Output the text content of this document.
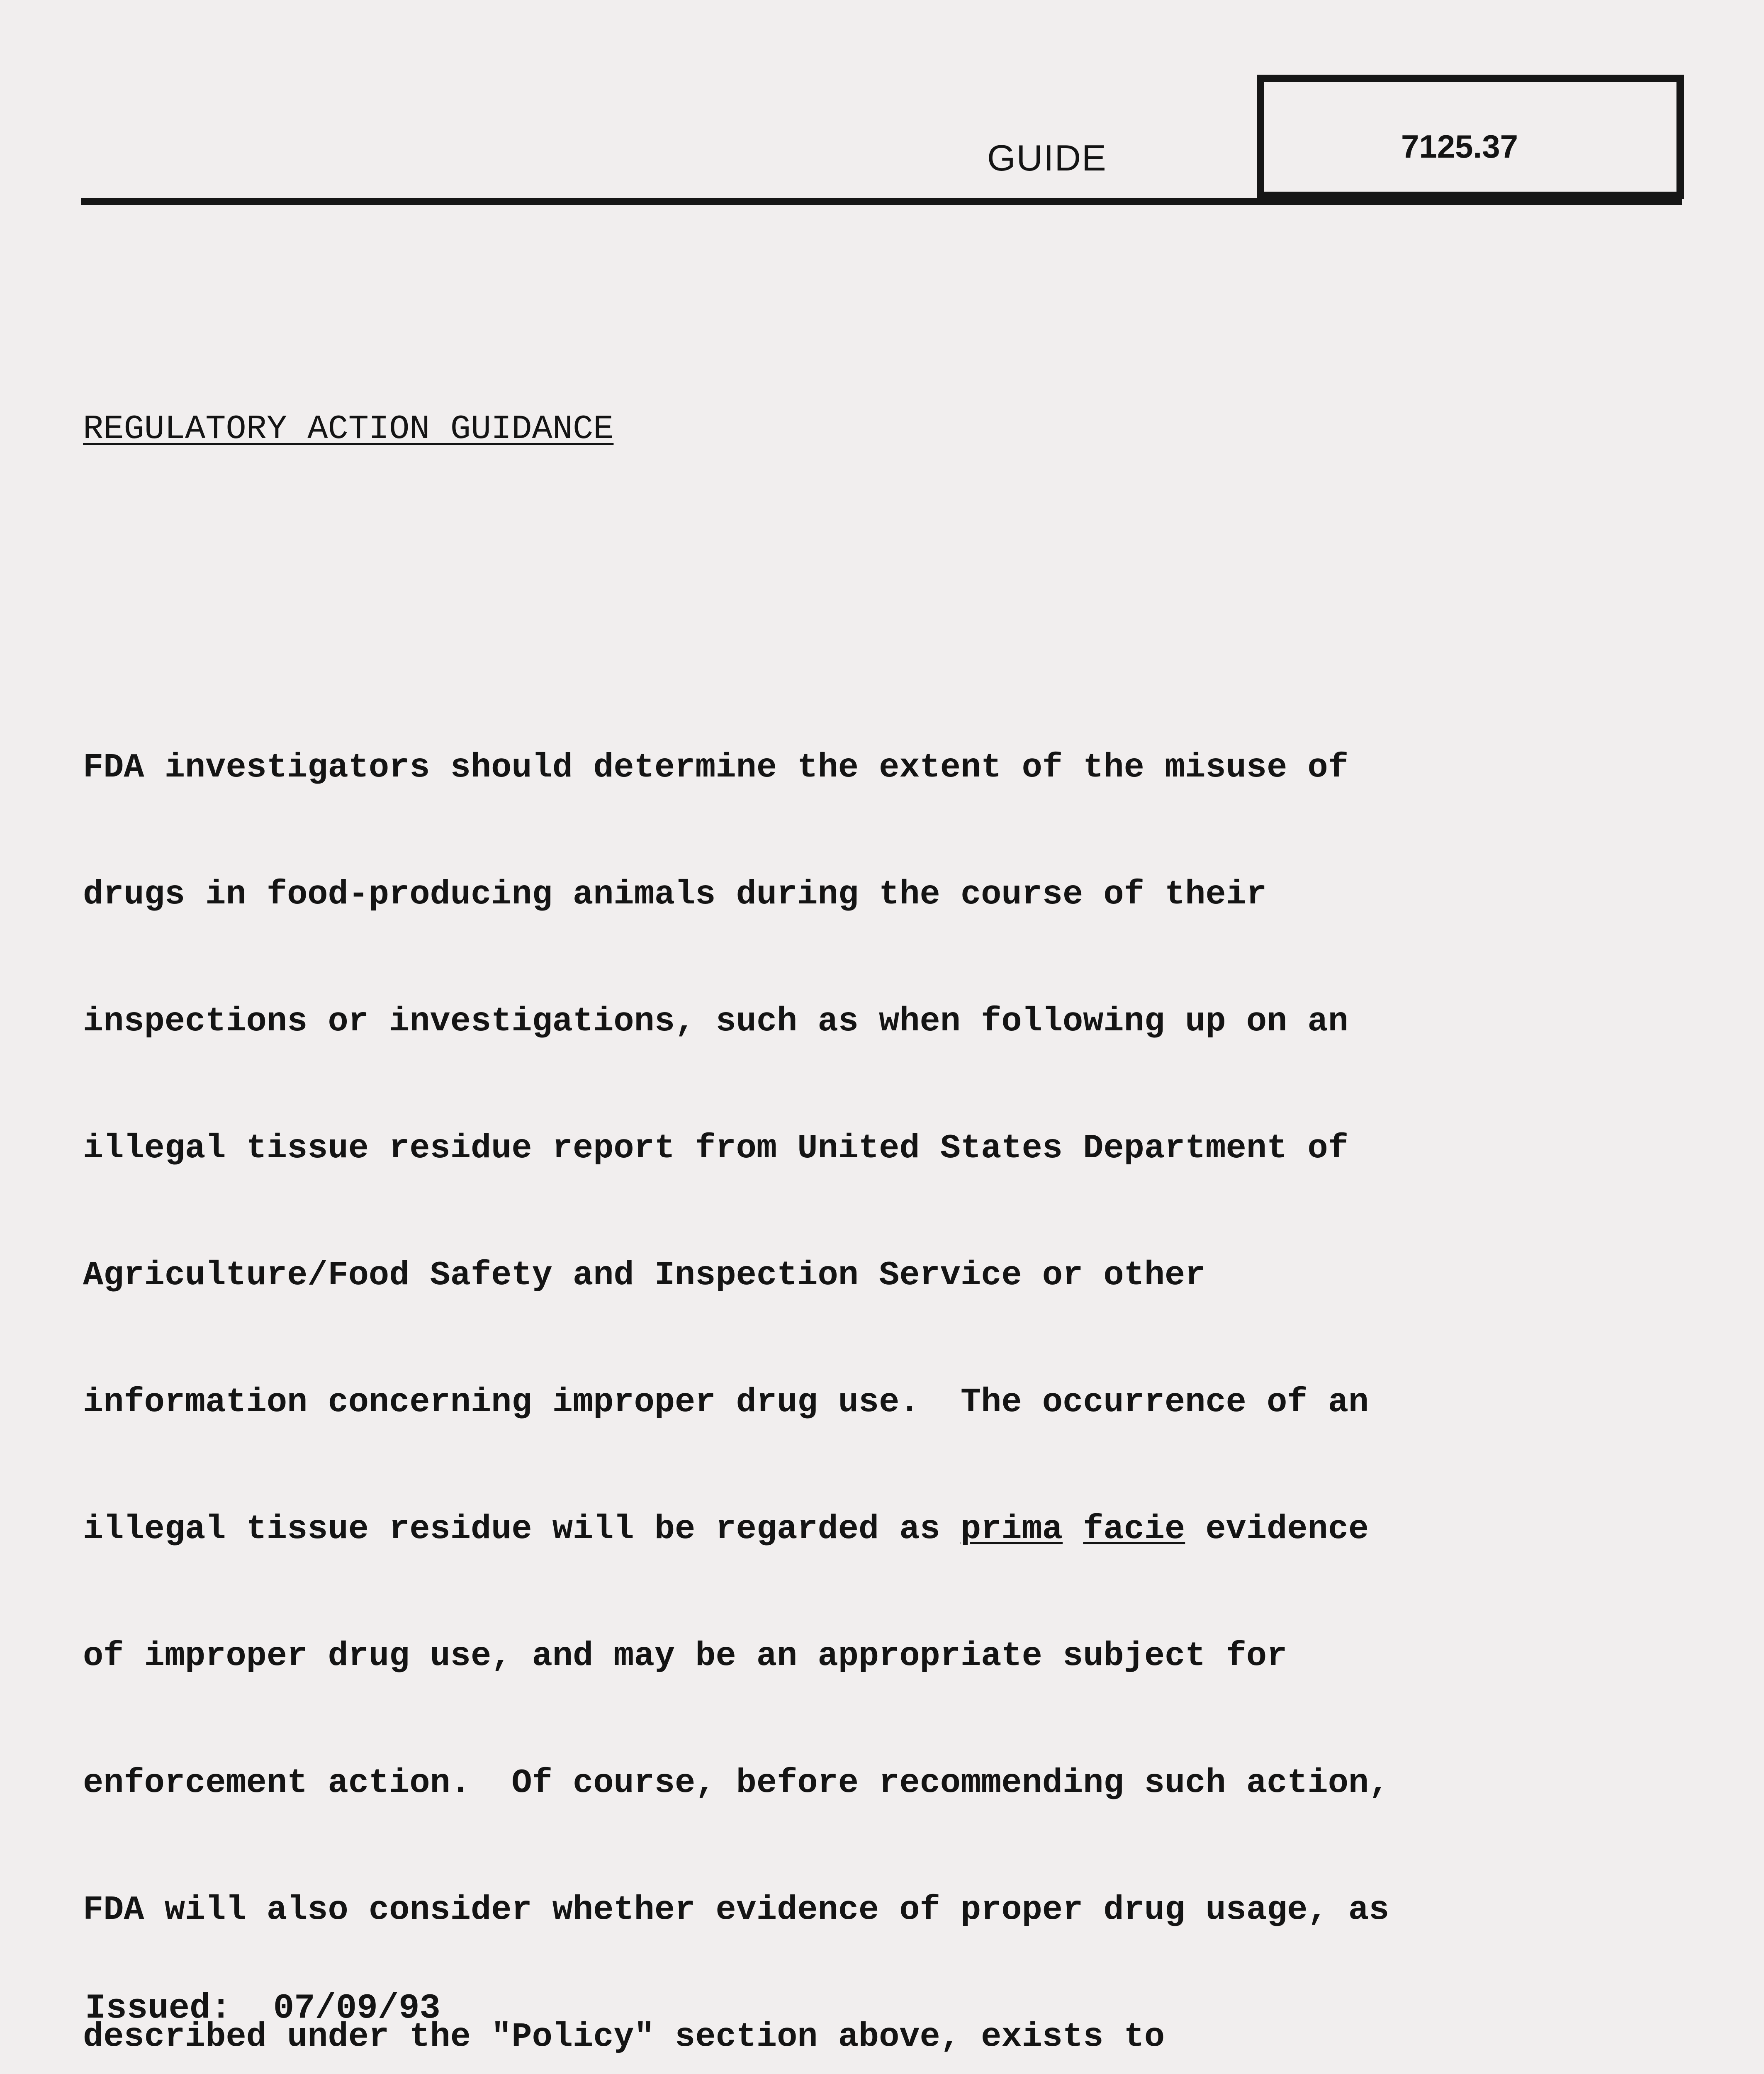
GUIDE	7125.37

REGULATORY ACTION GUIDANCE

FDA investigators should determine the extent of the misuse of

drugs in food-producing animals during the course of their

inspections or investigations, such as when following up on an

illegal tissue residue report from United States Department of

Agriculture/Food Safety and Inspection Service or other

information concerning improper drug use.  The occurrence of an

illegal tissue residue will be regarded as prima facie evidence

of improper drug use, and may be an appropriate subject for

enforcement action.  Of course, before recommending such action,

FDA will also consider whether evidence of proper drug usage, as

described under the "Policy" section above, exists to

Issued: 07/09/93
